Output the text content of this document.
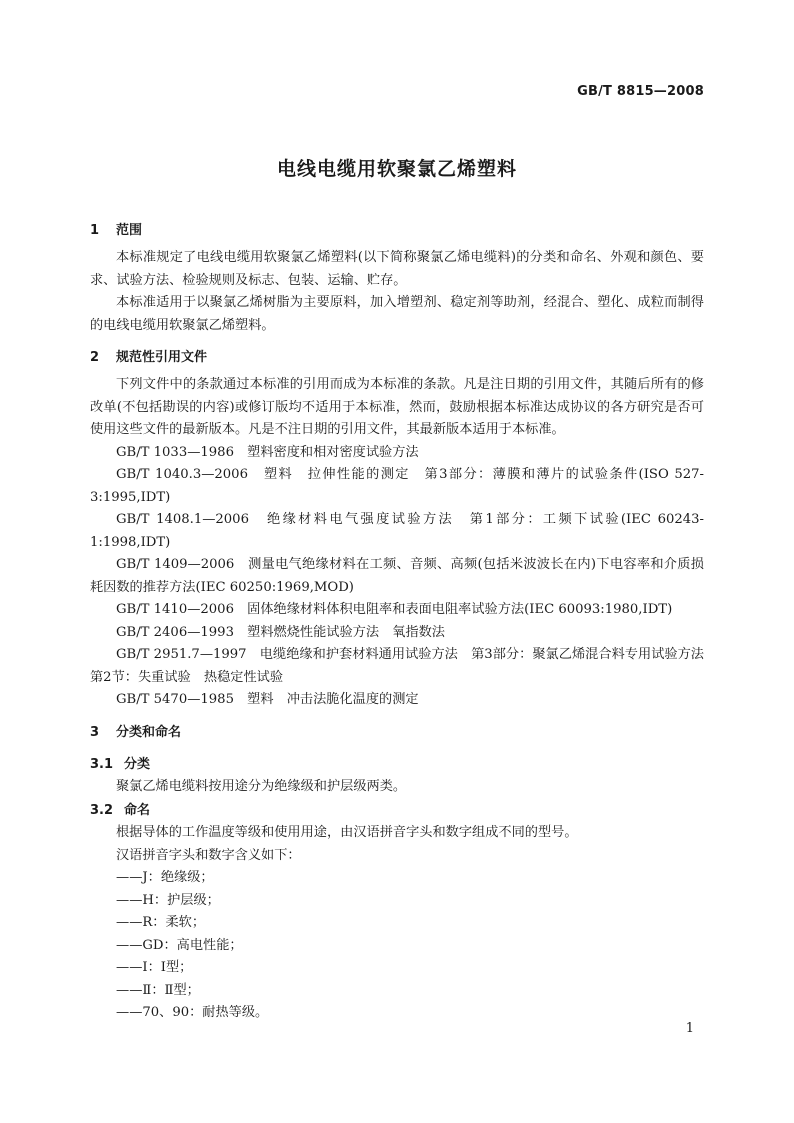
GB/T 8815—2008
电线电缆用软聚氯乙烯塑料
1 范围

本标准规定了电线电缆用软聚氯乙烯塑料(以下简称聚氯乙烯电缆料)的分类和命名、外观和颜色、要求、试验方法、检验规则及标志、包装、运输、贮存。

本标准适用于以聚氯乙烯树脂为主要原料，加入增塑剂、稳定剂等助剂，经混合、塑化、成粒而制得的电线电缆用软聚氯乙烯塑料。

2 规范性引用文件

下列文件中的条款通过本标准的引用而成为本标准的条款。凡是注日期的引用文件，其随后所有的修改单(不包括勘误的内容)或修订版均不适用于本标准，然而，鼓励根据本标准达成协议的各方研究是否可使用这些文件的最新版本。凡是不注日期的引用文件，其最新版本适用于本标准。

GB/T 1033—1986　塑料密度和相对密度试验方法

GB/T 1040.3—2006　塑料　拉伸性能的测定　第3部分：薄膜和薄片的试验条件(ISO 527-3:1995,IDT)

GB/T 1408.1—2006　绝缘材料电气强度试验方法　第1部分：工频下试验(IEC 60243-1:1998,IDT)

GB/T 1409—2006　测量电气绝缘材料在工频、音频、高频(包括米波波长在内)下电容率和介质损耗因数的推荐方法(IEC 60250:1969,MOD)

GB/T 1410—2006　固体绝缘材料体积电阻率和表面电阻率试验方法(IEC 60093:1980,IDT)

GB/T 2406—1993　塑料燃烧性能试验方法　氧指数法

GB/T 2951.7—1997　电缆绝缘和护套材料通用试验方法　第3部分：聚氯乙烯混合料专用试验方法　第2节：失重试验　热稳定性试验

GB/T 5470—1985　塑料　冲击法脆化温度的测定

3 分类和命名
3.1 分类

聚氯乙烯电缆料按用途分为绝缘级和护层级两类。

3.2 命名

根据导体的工作温度等级和使用用途，由汉语拼音字头和数字组成不同的型号。

汉语拼音字头和数字含义如下：

——J：绝缘级；
——H：护层级；
——R：柔软；
——GD：高电性能；
——Ⅰ：Ⅰ型；
——Ⅱ：Ⅱ型；
——70、90：耐热等级。
1
